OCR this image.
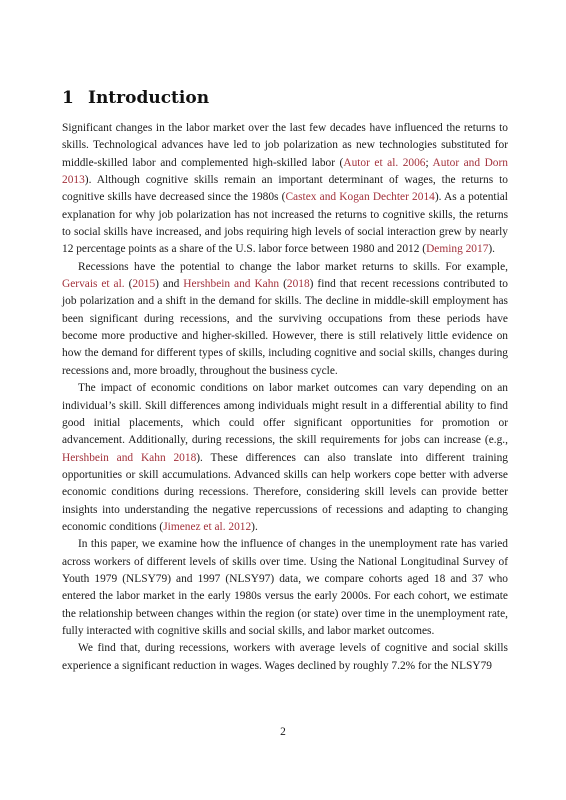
1 Introduction

Significant changes in the labor market over the last few decades have influenced the returns to skills. Technological advances have led to job polarization as new technologies substituted for middle-skilled labor and complemented high-skilled labor (Autor et al. 2006; Autor and Dorn 2013). Although cognitive skills remain an important determinant of wages, the returns to cognitive skills have decreased since the 1980s (Castex and Kogan Dechter 2014). As a potential explanation for why job polarization has not increased the returns to cognitive skills, the returns to social skills have increased, and jobs requiring high levels of social interaction grew by nearly 12 percentage points as a share of the U.S. labor force between 1980 and 2012 (Deming 2017).

Recessions have the potential to change the labor market returns to skills. For example, Gervais et al. (2015) and Hershbein and Kahn (2018) find that recent recessions contributed to job polarization and a shift in the demand for skills. The decline in middle-skill employment has been significant during recessions, and the surviving occupations from these periods have become more productive and higher-skilled. However, there is still relatively little evidence on how the demand for different types of skills, including cognitive and social skills, changes during recessions and, more broadly, throughout the business cycle.

The impact of economic conditions on labor market outcomes can vary depending on an individual’s skill. Skill differences among individuals might result in a differential ability to find good initial placements, which could offer significant opportunities for promotion or advancement. Additionally, during recessions, the skill requirements for jobs can increase (e.g., Hershbein and Kahn 2018). These differences can also translate into different training opportunities or skill accumulations. Advanced skills can help workers cope better with adverse economic conditions during recessions. Therefore, considering skill levels can provide better insights into understanding the negative repercussions of recessions and adapting to changing economic conditions (Jimenez et al. 2012).

In this paper, we examine how the influence of changes in the unemployment rate has varied across workers of different levels of skills over time. Using the National Longitudinal Survey of Youth 1979 (NLSY79) and 1997 (NLSY97) data, we compare cohorts aged 18 and 37 who entered the labor market in the early 1980s versus the early 2000s. For each cohort, we estimate the relationship between changes within the region (or state) over time in the unemployment rate, fully interacted with cognitive skills and social skills, and labor market outcomes.

We find that, during recessions, workers with average levels of cognitive and social skills experience a significant reduction in wages. Wages declined by roughly 7.2% for the NLSY79

2
